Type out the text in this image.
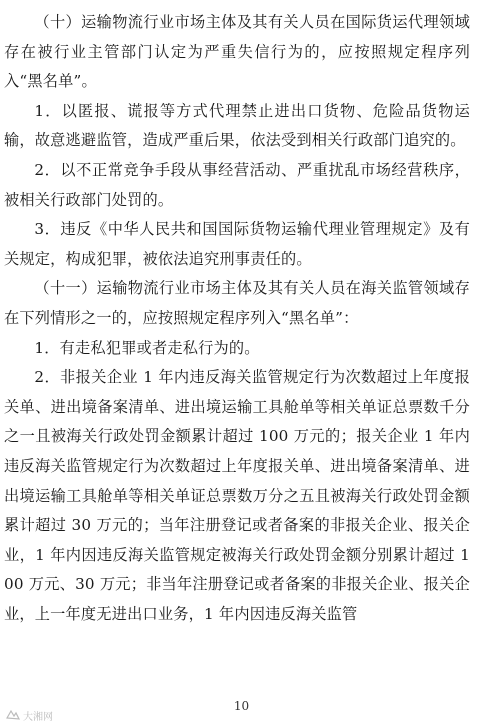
（十）运输物流行业市场主体及其有关人员在国际货运代理领域存在被行业主管部门认定为严重失信行为的，应按照规定程序列入“黑名单”。

1．以匿报、谎报等方式代理禁止进出口货物、危险品货物运输，故意逃避监管，造成严重后果，依法受到相关行政部门追究的。

2．以不正常竞争手段从事经营活动、严重扰乱市场经营秩序，被相关行政部门处罚的。

3．违反《中华人民共和国国际货物运输代理业管理规定》及有关规定，构成犯罪，被依法追究刑事责任的。

（十一）运输物流行业市场主体及其有关人员在海关监管领域存在下列情形之一的，应按照规定程序列入“黑名单”：

1．有走私犯罪或者走私行为的。

2．非报关企业 1 年内违反海关监管规定行为次数超过上年度报关单、进出境备案清单、进出境运输工具舱单等相关单证总票数千分之一且被海关行政处罚金额累计超过 100 万元的；报关企业 1 年内违反海关监管规定行为次数超过上年度报关单、进出境备案清单、进出境运输工具舱单等相关单证总票数万分之五且被海关行政处罚金额累计超过 30 万元的；当年注册登记或者备案的非报关企业、报关企业，1 年内因违反海关监管规定被海关行政处罚金额分别累计超过 100 万元、30 万元；非当年注册登记或者备案的非报关企业、报关企业，上一年度无进出口业务，1 年内因违反海关监管

10
大湘网
